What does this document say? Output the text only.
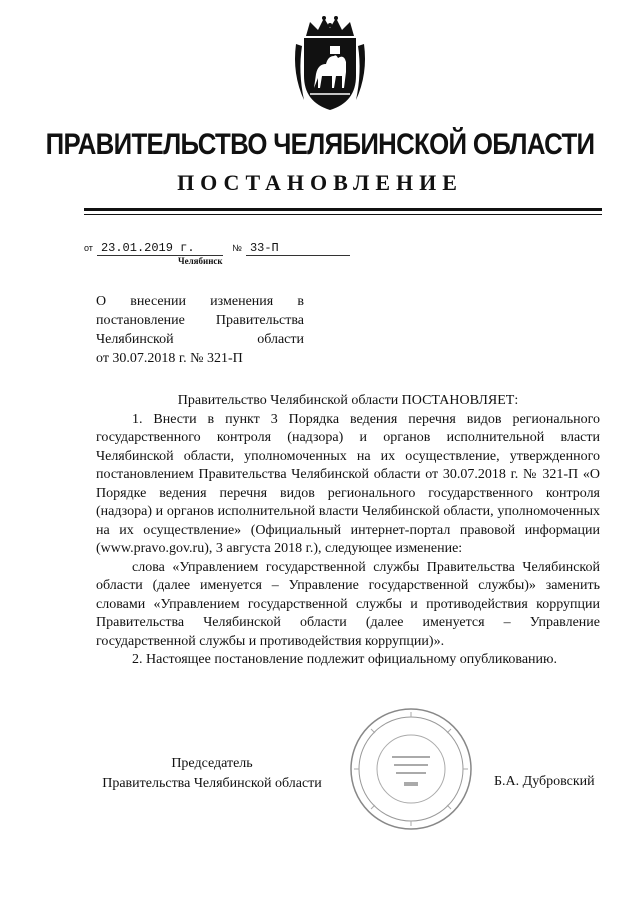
ПРАВИТЕЛЬСТВО ЧЕЛЯБИНСКОЙ ОБЛАСТИ
ПОСТАНОВЛЕНИЕ
от 23.01.2019 г.	№ 33-П
Челябинск
О внесении изменения в
постановление Правительства
Челябинской области
от 30.07.2018 г. № 321-П

Правительство Челябинской области ПОСТАНОВЛЯЕТ:

1. Внести в пункт 3 Порядка ведения перечня видов регионального государственного контроля (надзора) и органов исполнительной власти Челябинской области, уполномоченных на их осуществление, утвержденного постановлением Правительства Челябинской области от 30.07.2018 г. № 321-П «О Порядке ведения перечня видов регионального государственного контроля (надзора) и органов исполнительной власти Челябинской области, уполномоченных на их осуществление» (Официальный интернет-портал правовой информации (www.pravo.gov.ru), 3 августа 2018 г.), следующее изменение:

слова «Управлением государственной службы Правительства Челябинской области (далее именуется – Управление государственной службы)» заменить словами «Управлением государственной службы и противодействия коррупции Правительства Челябинской области (далее именуется – Управление государственной службы и противодействия коррупции)».

2. Настоящее постановление подлежит официальному опубликованию.

Председатель
Правительства Челябинской области	Б.А. Дубровский
